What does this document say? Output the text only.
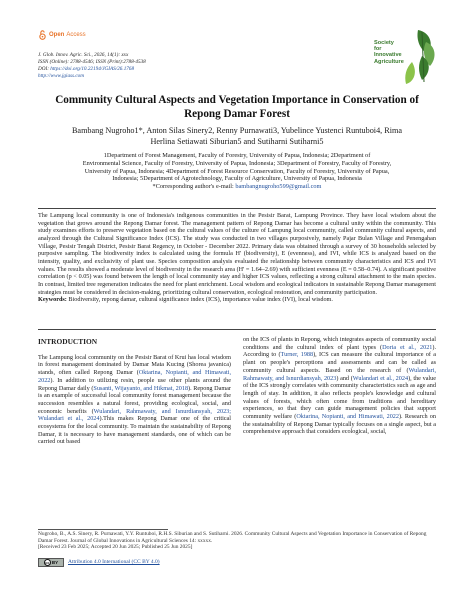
Open Access
J. Glob. Innov. Agric. Sci., 2026, 14(1): xxx
ISSN (Online): 2788-4546; ISSN (Print):2788-4538
DOI: https://doi.org/10.22194/JGIAS/26.1768
http://www.jgiass.com
Society
for
Innovative
Agriculture
Community Cultural Aspects and Vegetation Importance in Conservation of
Repong Damar Forest
Bambang Nugroho1*, Anton Silas Sinery2, Renny Purnawati3, Yubelince Yustenci Runtuboi4, Rima
Herlina Setiawati Siburian5 and Sutiharni Sutiharni5
1Department of Forest Management, Faculty of Forestry, University of Papua, Indonesia; 2Department of
Environmental Science, Faculty of Forestry, University of Papua, Indonesia; 3Department of Forestry, Faculty of Forestry,
University of Papua, Indonesia; 4Department of Forest Resource Conservation, Faculty of Forestry, University of Papua,
Indonesia; 5Department of Agrotechnology, Faculty of Agriculture, University of Papua, Indonesia
*Corresponding author's e-mail: bambangnugroho599@gmail.com

The Lampung local community is one of Indonesia's indigenous communities in the Pesisir Barat, Lampung Province. They have local wisdom about the vegetation that grows around the Repong Damar forest. The management pattern of Repong Damar has become a cultural unity within the community. This study examines efforts to preserve vegetation based on the cultural values of the culture of Lampung local community, called community cultural aspects, and analyzed through the Cultural Significance Index (ICS). The study was conducted in two villages purposively, namely Pajar Bulan Village and Penengahan Village, Pesisir Tengah District, Pesisir Barat Regency, in October - December 2022. Primary data was obtained through a survey of 30 households selected by purposive sampling. The biodiversity index is calculated using the formula H' (biodiversity), E (evenness), and IVI, while ICS is analyzed based on the intensity, quality, and exclusivity of plant use. Species composition analysis evaluated the relationship between community characteristics and ICS and IVI values. The results showed a moderate level of biodiversity in the research area (H' = 1.64–2.69) with sufficient evenness (E = 0.58–0.74). A significant positive correlation (p < 0.05) was found between the length of local community stay and higher ICS values, reflecting a strong cultural attachment to the main species. In contrast, limited tree regeneration indicates the need for plant enrichment. Local wisdom and ecological indicators in sustainable Repong Damar management strategies must be considered in decision-making, prioritizing cultural conservation, ecological restoration, and community participation.

Keywords: Biodiversity, repong damar, cultural significance index (ICS), importance value index (IVI), local wisdom.

INTRODUCTION

The Lampung local community on the Pesisir Barat of Krui has local wisdom in forest management dominated by Damar Mata Kucing (Shorea javanica) stands, often called Repong Damar (Oktarina, Nopianti, and Himawati, 2022). In addition to utilizing resin, people use other plants around the Repong Damar daily (Susanti, Wijayanto, and Hikmat, 2018). Repong Damar is an example of successful local community forest management because the succession resembles a natural forest, providing ecological, social, and economic benefits (Wulandari, Rahmawaty, and Isnurdiansyah, 2023; Wulandari et al., 2024).This makes Repong Damar one of the critical ecosystems for the local community. To maintain the sustainability of Repong Damar, it is necessary to have management standards, one of which can be carried out based

on the ICS of plants in Repong, which integrates aspects of community social conditions and the cultural index of plant types (Doria et al., 2021). According to (Turner, 1988), ICS can measure the cultural importance of a plant on people's perceptions and assessments and can be called as community cultural aspects. Based on the research of (Wulandari, Rahmawaty, and Isnurdiansyah, 2023) and (Wulandari et al., 2024), the value of the ICS strongly correlates with community characteristics such as age and length of stay. In addition, it also reflects people's knowledge and cultural values of forests, which often come from traditions and hereditary experiences, so that they can guide management policies that support community welfare (Oktarina, Nopianti, and Himawati, 2022). Research on the sustainability of Repong Damar typically focuses on a single aspect, but a comprehensive approach that considers ecological, social,

Nugroho, B., A.S. Sinery, R. Purnawati, Y.Y. Runtuboi, R.H.S. Siburian and S. Sutiharni. 2026. Community Cultural Aspects and Vegetation Importance in Conservation of Repong Damar Forest. Journal of Global Innovations in Agricultural Sciences 14: xxxxx.
[Received 23 Feb 2025; Accepted 20 Jun 2025; Published 25 Jun 2025]
cc BY Attribution 4.0 International (CC BY 4.0)
